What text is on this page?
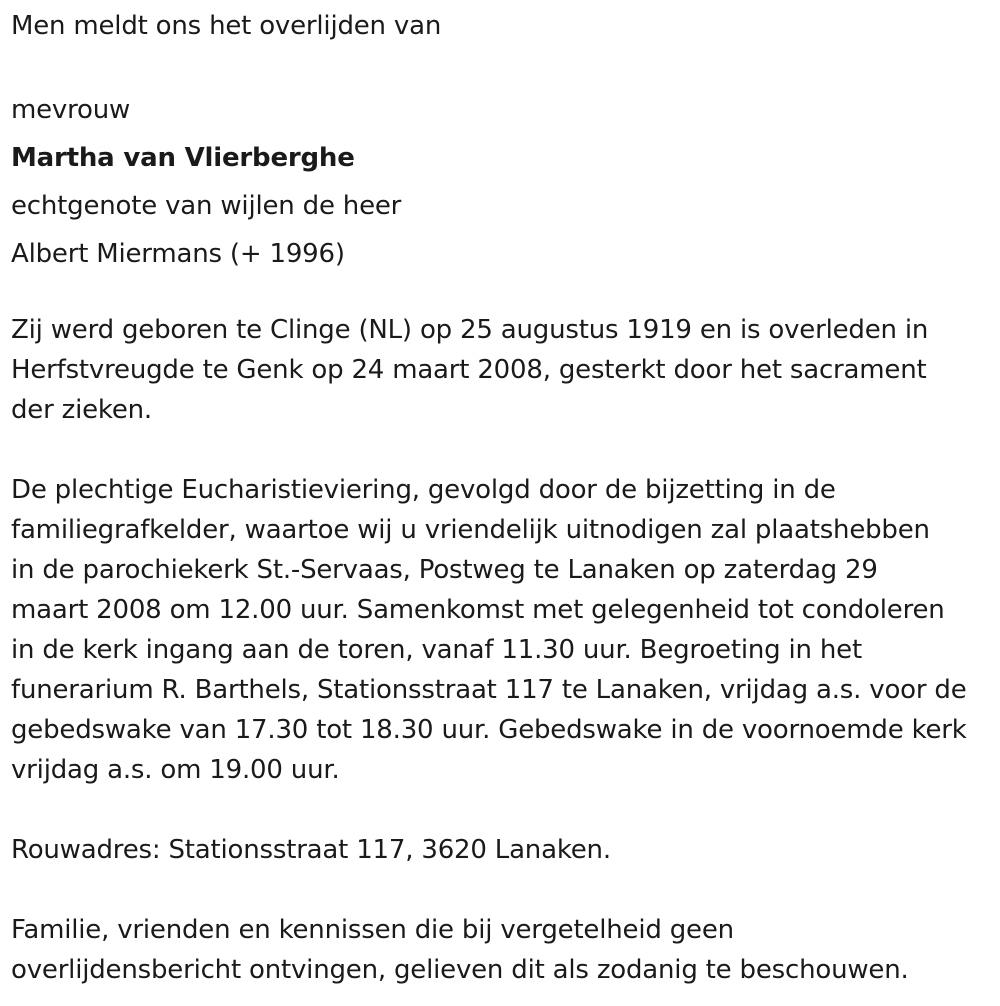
Men meldt ons het overlijden van
mevrouw
Martha van Vlierberghe
echtgenote van wijlen de heer
Albert Miermans (+ 1996)
Zij werd geboren te Clinge (NL) op 25 augustus 1919 en is overleden in
Herfstvreugde te Genk op 24 maart 2008, gesterkt door het sacrament
der zieken.
De plechtige Eucharistieviering, gevolgd door de bijzetting in de
familiegrafkelder, waartoe wij u vriendelijk uitnodigen zal plaatshebben
in de parochiekerk St.-Servaas, Postweg te Lanaken op zaterdag 29
maart 2008 om 12.00 uur. Samenkomst met gelegenheid tot condoleren
in de kerk ingang aan de toren, vanaf 11.30 uur. Begroeting in het
funerarium R. Barthels, Stationsstraat 117 te Lanaken, vrijdag a.s. voor de
gebedswake van 17.30 tot 18.30 uur. Gebedswake in de voornoemde kerk
vrijdag a.s. om 19.00 uur.
Rouwadres: Stationsstraat 117, 3620 Lanaken.
Familie, vrienden en kennissen die bij vergetelheid geen
overlijdensbericht ontvingen, gelieven dit als zodanig te beschouwen.
